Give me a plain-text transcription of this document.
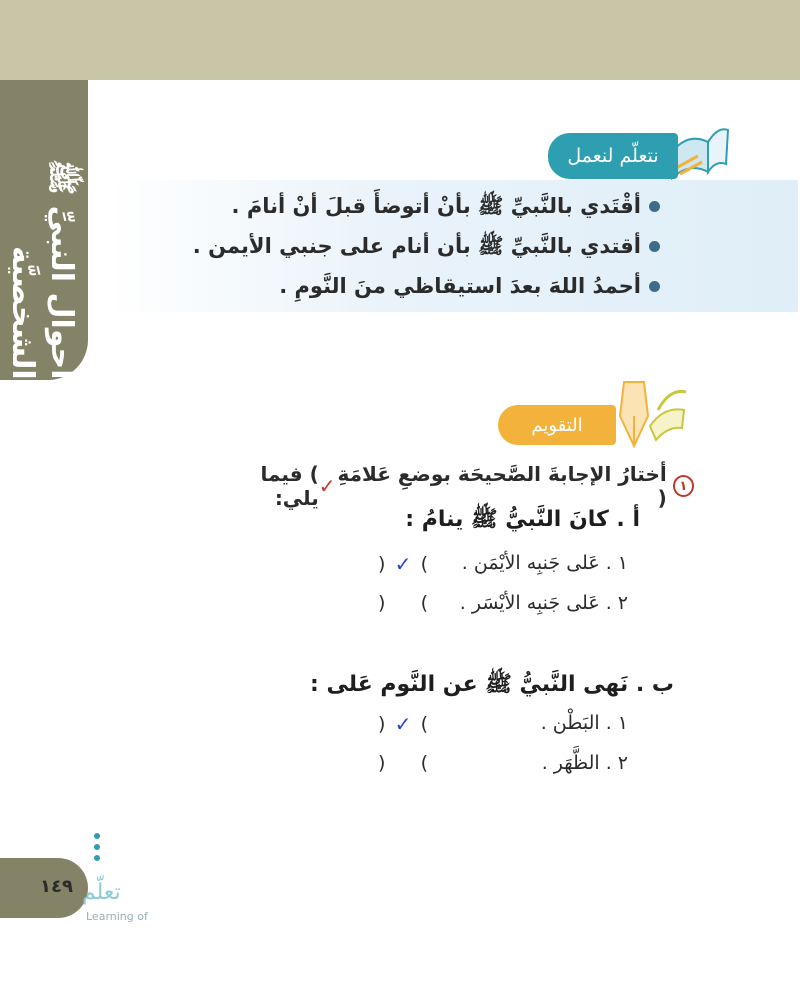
أحوال النبيِّ ﷺ الشخصيَّة
نتعلّم لنعمل
أقْتَدي بالنَّبيِّ ﷺ بأنْ أتوضأَ قبلَ أنْ أنامَ .
أقتدي بالنَّبيِّ ﷺ بأن أنام على جنبي الأيمن .
أحمدُ اللهَ بعدَ استيقاظي منَ النَّومِ .
التقويم
١
أختارُ الإجابةَ الصَّحيحَة بوضعِ عَلامَةِ (
✓
) فيما يلي:
أ . كانَ النَّبيُّ ﷺ ينامُ :
١ . عَلى جَنبِه الأيْمَن .
) ✓ (
٢ . عَلى جَنبِه الأيْسَر .
) (
ب . نَهى النَّبيُّ ﷺ عن النَّوم عَلى :
١ . البَطْن .
) ✓ (
٢ . الظَّهَر .
) (
١٤٩ تعلّم
Learning of
